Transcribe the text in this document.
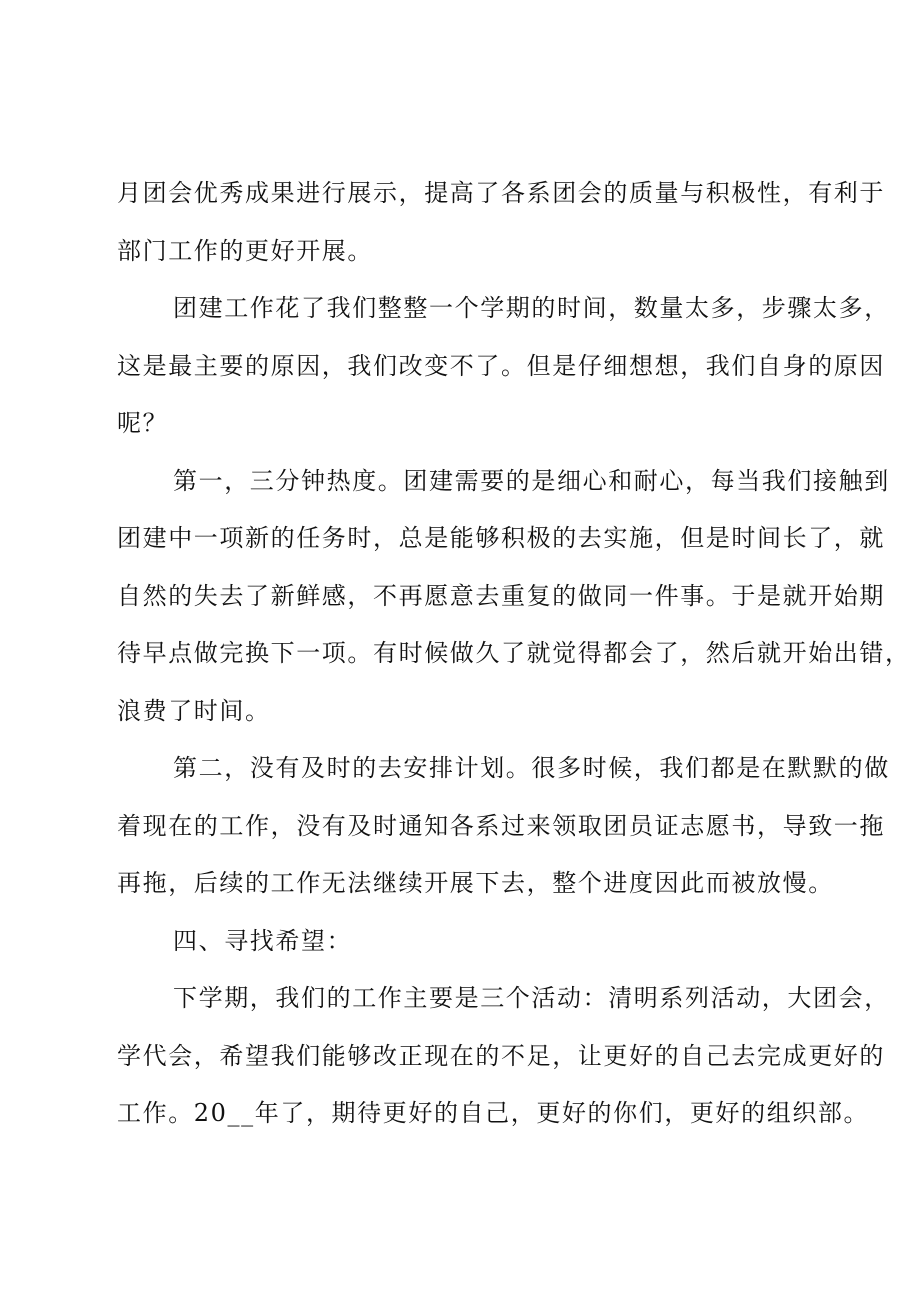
月团会优秀成果进行展示，提高了各系团会的质量与积极性，有利于
部门工作的更好开展。
团建工作花了我们整整一个学期的时间，数量太多，步骤太多，
这是最主要的原因，我们改变不了。但是仔细想想，我们自身的原因
呢？
第一，三分钟热度。团建需要的是细心和耐心，每当我们接触到
团建中一项新的任务时，总是能够积极的去实施，但是时间长了，就
自然的失去了新鲜感，不再愿意去重复的做同一件事。于是就开始期
待早点做完换下一项。有时候做久了就觉得都会了，然后就开始出错，
浪费了时间。
第二，没有及时的去安排计划。很多时候，我们都是在默默的做
着现在的工作，没有及时通知各系过来领取团员证志愿书，导致一拖
再拖，后续的工作无法继续开展下去，整个进度因此而被放慢。
四、寻找希望：
下学期，我们的工作主要是三个活动：清明系列活动，大团会，
学代会，希望我们能够改正现在的不足，让更好的自己去完成更好的
工作。20__年了，期待更好的自己，更好的你们，更好的组织部。
